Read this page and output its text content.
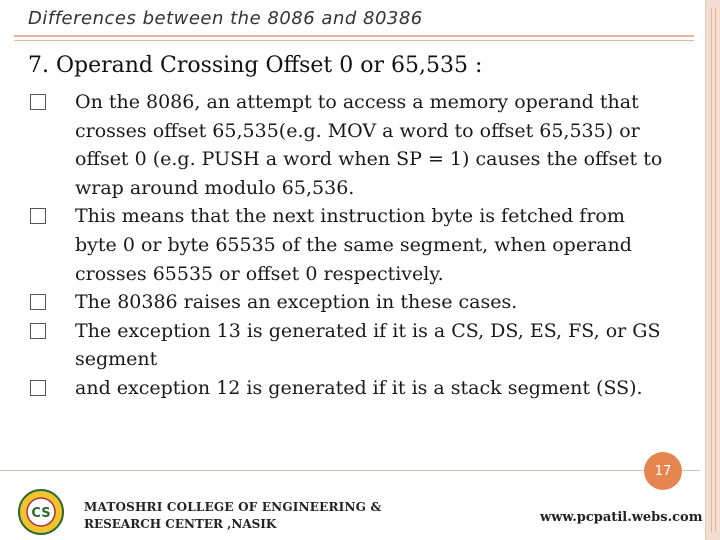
Differences between the 8086 and 80386
7. Operand Crossing Offset 0 or 65,535 :
On the 8086, an attempt to access a memory operand that crosses offset 65,535(e.g. MOV a word to offset 65,535) or offset 0 (e.g. PUSH a word when SP = 1) causes the offset to wrap around modulo 65,536.
This means that the next instruction byte is fetched from byte 0 or byte 65535 of the same segment, when operand crosses 65535 or offset 0 respectively.
The 80386 raises an exception in these cases.
The exception 13 is generated if it is a CS, DS, ES, FS, or GS segment
and exception 12 is generated if it is a stack segment (SS).
17
CS	MATOSHRI COLLEGE OF ENGINEERING &
RESEARCH CENTER ,NASIK	www.pcpatil.webs.com
